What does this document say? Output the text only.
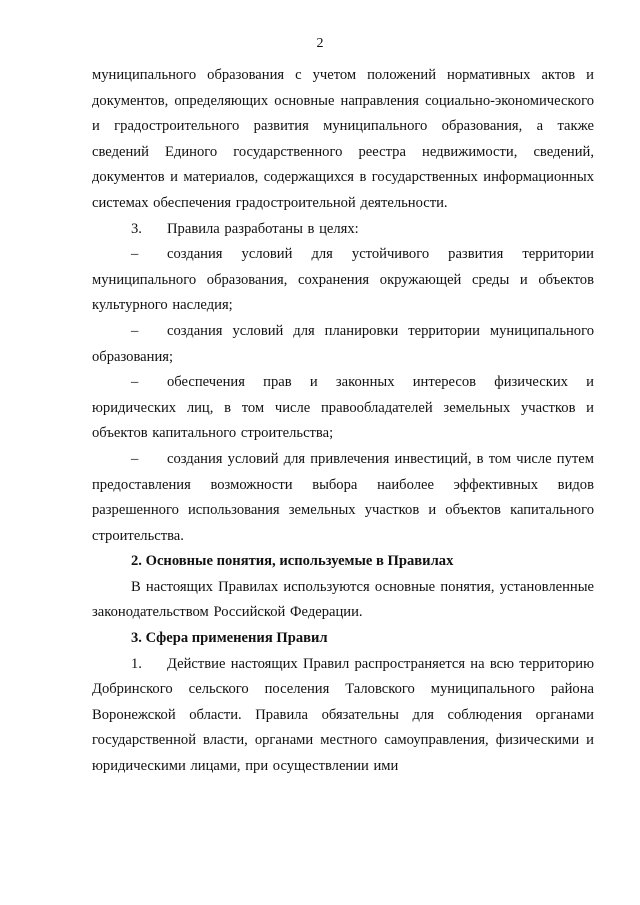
2

муниципального образования с учетом положений нормативных актов и документов, определяющих основные направления социально-экономического и градостроительного развития муниципального образования, а также сведений Единого государственного реестра недвижимости, сведений, документов и материалов, содержащихся в государственных информационных системах обеспечения градостроительной деятельности.

3. Правила разработаны в целях:

– создания условий для устойчивого развития территории муниципального образования, сохранения окружающей среды и объектов культурного наследия;

– создания условий для планировки территории муниципального образования;

– обеспечения прав и законных интересов физических и юридических лиц, в том числе правообладателей земельных участков и объектов капитального строительства;

– создания условий для привлечения инвестиций, в том числе путем предоставления возможности выбора наиболее эффективных видов разрешенного использования земельных участков и объектов капитального строительства.

2. Основные понятия, используемые в Правилах

В настоящих Правилах используются основные понятия, установленные законодательством Российской Федерации.

3. Сфера применения Правил

1. Действие настоящих Правил распространяется на всю территорию Добринского сельского поселения Таловского муниципального района Воронежской области. Правила обязательны для соблюдения органами государственной власти, органами местного самоуправления, физическими и юридическими лицами, при осуществлении ими
